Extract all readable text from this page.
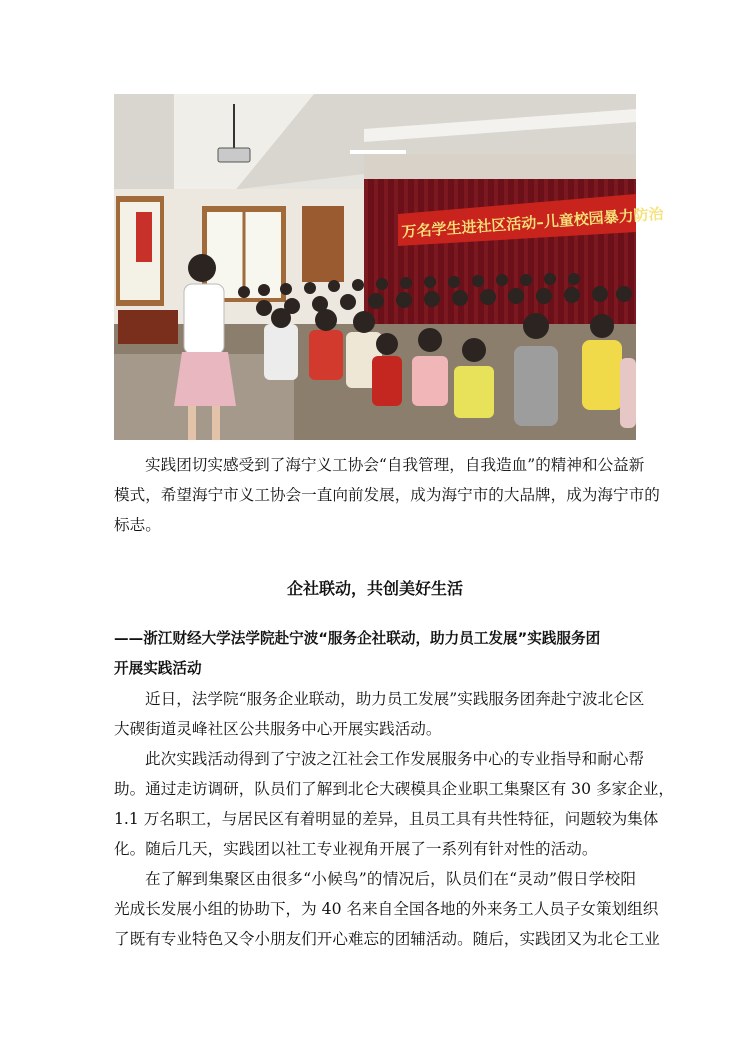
万名学生进社区活动–儿童校园暴力防治
实践团切实感受到了海宁义工协会“自我管理，自我造血”的精神和公益新
模式，希望海宁市义工协会一直向前发展，成为海宁市的大品牌，成为海宁市的
标志。
企社联动，共创美好生活
——浙江财经大学法学院赴宁波“服务企社联动，助力员工发展”实践服务团
开展实践活动
近日，法学院“服务企业联动，助力员工发展”实践服务团奔赴宁波北仑区
大碶街道灵峰社区公共服务中心开展实践活动。
此次实践活动得到了宁波之江社会工作发展服务中心的专业指导和耐心帮
助。通过走访调研，队员们了解到北仑大碶模具企业职工集聚区有 30 多家企业，
1.1 万名职工，与居民区有着明显的差异，且员工具有共性特征，问题较为集体
化。随后几天，实践团以社工专业视角开展了一系列有针对性的活动。
在了解到集聚区由很多“小候鸟”的情况后，队员们在“灵动”假日学校阳
光成长发展小组的协助下，为 40 名来自全国各地的外来务工人员子女策划组织
了既有专业特色又令小朋友们开心难忘的团辅活动。随后，实践团又为北仑工业
